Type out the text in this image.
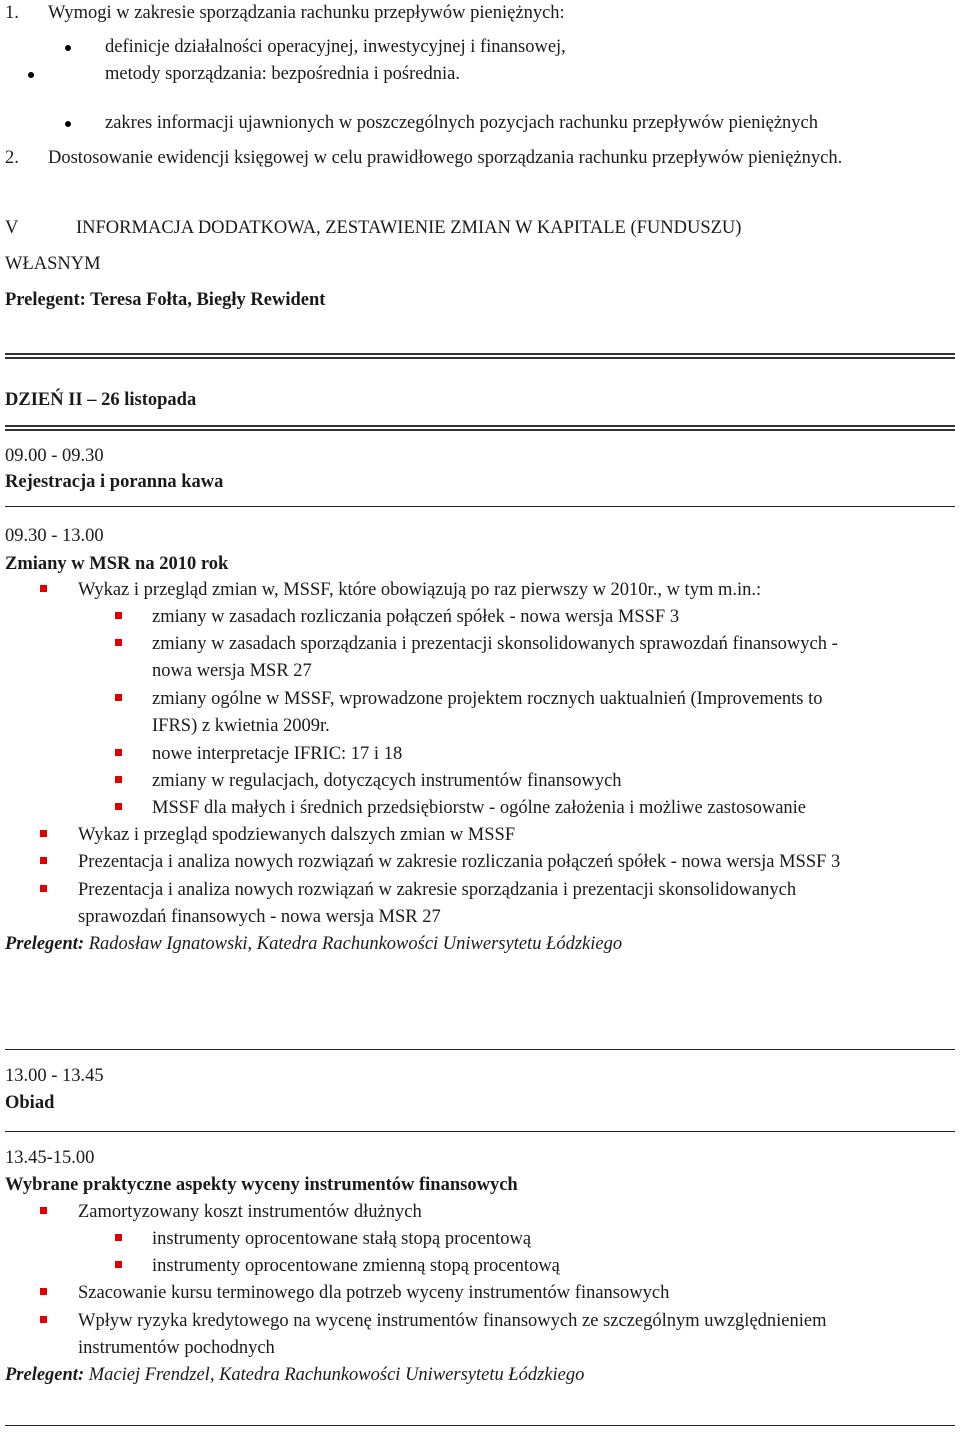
1. Wymogi w zakresie sporządzania rachunku przepływów pieniężnych:
definicje działalności operacyjnej, inwestycyjnej i finansowej,
metody sporządzania: bezpośrednia i pośrednia.
zakres informacji ujawnionych w poszczególnych pozycjach rachunku przepływów pieniężnych
2. Dostosowanie ewidencji księgowej w celu prawidłowego sporządzania rachunku przepływów pieniężnych.
V	INFORMACJA DODATKOWA, ZESTAWIENIE ZMIAN W KAPITALE (FUNDUSZU)
WŁASNYM
Prelegent: Teresa Fołta, Biegły Rewident
DZIEŃ II – 26 listopada
09.00 - 09.30
Rejestracja i poranna kawa
09.30 - 13.00
Zmiany w MSR na 2010 rok
Wykaz i przegląd zmian w, MSSF, które obowiązują po raz pierwszy w 2010r., w tym m.in.:
zmiany w zasadach rozliczania połączeń spółek - nowa wersja MSSF 3
zmiany w zasadach sporządzania i prezentacji skonsolidowanych sprawozdań finansowych -
nowa wersja MSR 27
zmiany ogólne w MSSF, wprowadzone projektem rocznych uaktualnień (Improvements to
IFRS) z kwietnia 2009r.
nowe interpretacje IFRIC: 17 i 18
zmiany w regulacjach, dotyczących instrumentów finansowych
MSSF dla małych i średnich przedsiębiorstw - ogólne założenia i możliwe zastosowanie
Wykaz i przegląd spodziewanych dalszych zmian w MSSF
Prezentacja i analiza nowych rozwiązań w zakresie rozliczania połączeń spółek - nowa wersja MSSF 3
Prezentacja i analiza nowych rozwiązań w zakresie sporządzania i prezentacji skonsolidowanych
sprawozdań finansowych - nowa wersja MSR 27
Prelegent: Radosław Ignatowski, Katedra Rachunkowości Uniwersytetu Łódzkiego
13.00 - 13.45
Obiad
13.45-15.00
Wybrane praktyczne aspekty wyceny instrumentów finansowych
Zamortyzowany koszt instrumentów dłużnych
instrumenty oprocentowane stałą stopą procentową
instrumenty oprocentowane zmienną stopą procentową
Szacowanie kursu terminowego dla potrzeb wyceny instrumentów finansowych
Wpływ ryzyka kredytowego na wycenę instrumentów finansowych ze szczególnym uwzględnieniem
instrumentów pochodnych
Prelegent: Maciej Frendzel, Katedra Rachunkowości Uniwersytetu Łódzkiego
